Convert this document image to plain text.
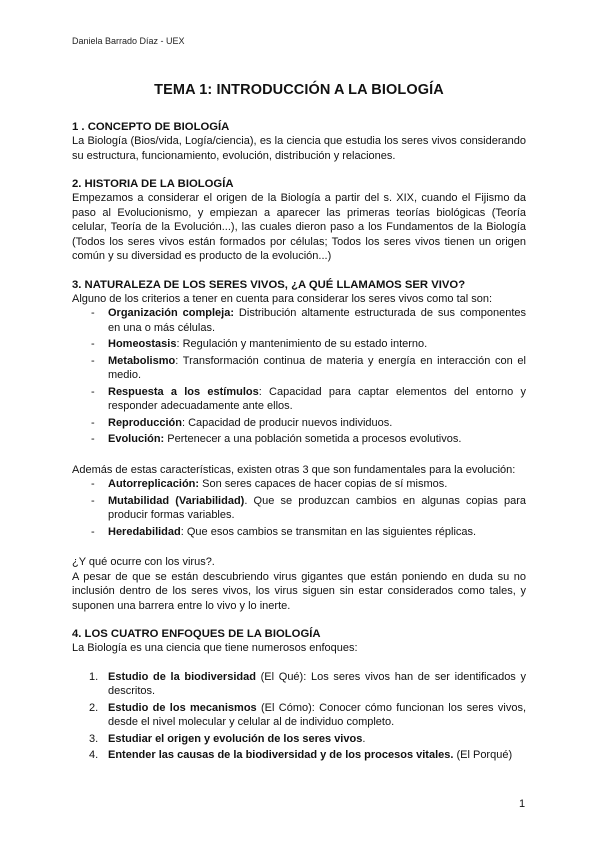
Daniela Barrado Díaz - UEX
TEMA 1: INTRODUCCIÓN A LA BIOLOGÍA
1 . CONCEPTO DE BIOLOGÍA

La Biología (Bios/vida, Logía/ciencia), es la ciencia que estudia los seres vivos considerando su estructura, funcionamiento, evolución, distribución y relaciones.

2. HISTORIA DE LA BIOLOGÍA

Empezamos a considerar el origen de la Biología a partir del s. XIX, cuando el Fijismo da paso al Evolucionismo, y empiezan a aparecer las primeras teorías biológicas (Teoría celular, Teoría de la Evolución...), las cuales dieron paso a los Fundamentos de la Biología (Todos los seres vivos están formados por células; Todos los seres vivos tienen un origen común y su diversidad es producto de la evolución...)

3. NATURALEZA DE LOS SERES VIVOS, ¿A QUÉ LLAMAMOS SER VIVO?

Alguno de los criterios a tener en cuenta para considerar los seres vivos como tal son:

- Organización compleja: Distribución altamente estructurada de sus componentes en una o más células.
- Homeostasis: Regulación y mantenimiento de su estado interno.
- Metabolismo: Transformación continua de materia y energía en interacción con el medio.
- Respuesta a los estímulos: Capacidad para captar elementos del entorno y responder adecuadamente ante ellos.
- Reproducción: Capacidad de producir nuevos individuos.
- Evolución: Pertenecer a una población sometida a procesos evolutivos.

Además de estas características, existen otras 3 que son fundamentales para la evolución:

- Autorreplicación: Son seres capaces de hacer copias de sí mismos.
- Mutabilidad (Variabilidad). Que se produzcan cambios en algunas copias para producir formas variables.
- Heredabilidad: Que esos cambios se transmitan en las siguientes réplicas.

¿Y qué ocurre con los virus?.

A pesar de que se están descubriendo virus gigantes que están poniendo en duda su no inclusión dentro de los seres vivos, los virus siguen sin estar considerados como tales, y suponen una barrera entre lo vivo y lo inerte.

4. LOS CUATRO ENFOQUES DE LA BIOLOGÍA

La Biología es una ciencia que tiene numerosos enfoques:

1. Estudio de la biodiversidad (El Qué): Los seres vivos han de ser identificados y descritos.
2. Estudio de los mecanismos (El Cómo): Conocer cómo funcionan los seres vivos, desde el nivel molecular y celular al de individuo completo.
3. Estudiar el origen y evolución de los seres vivos.
4. Entender las causas de la biodiversidad y de los procesos vitales. (El Porqué)
1
